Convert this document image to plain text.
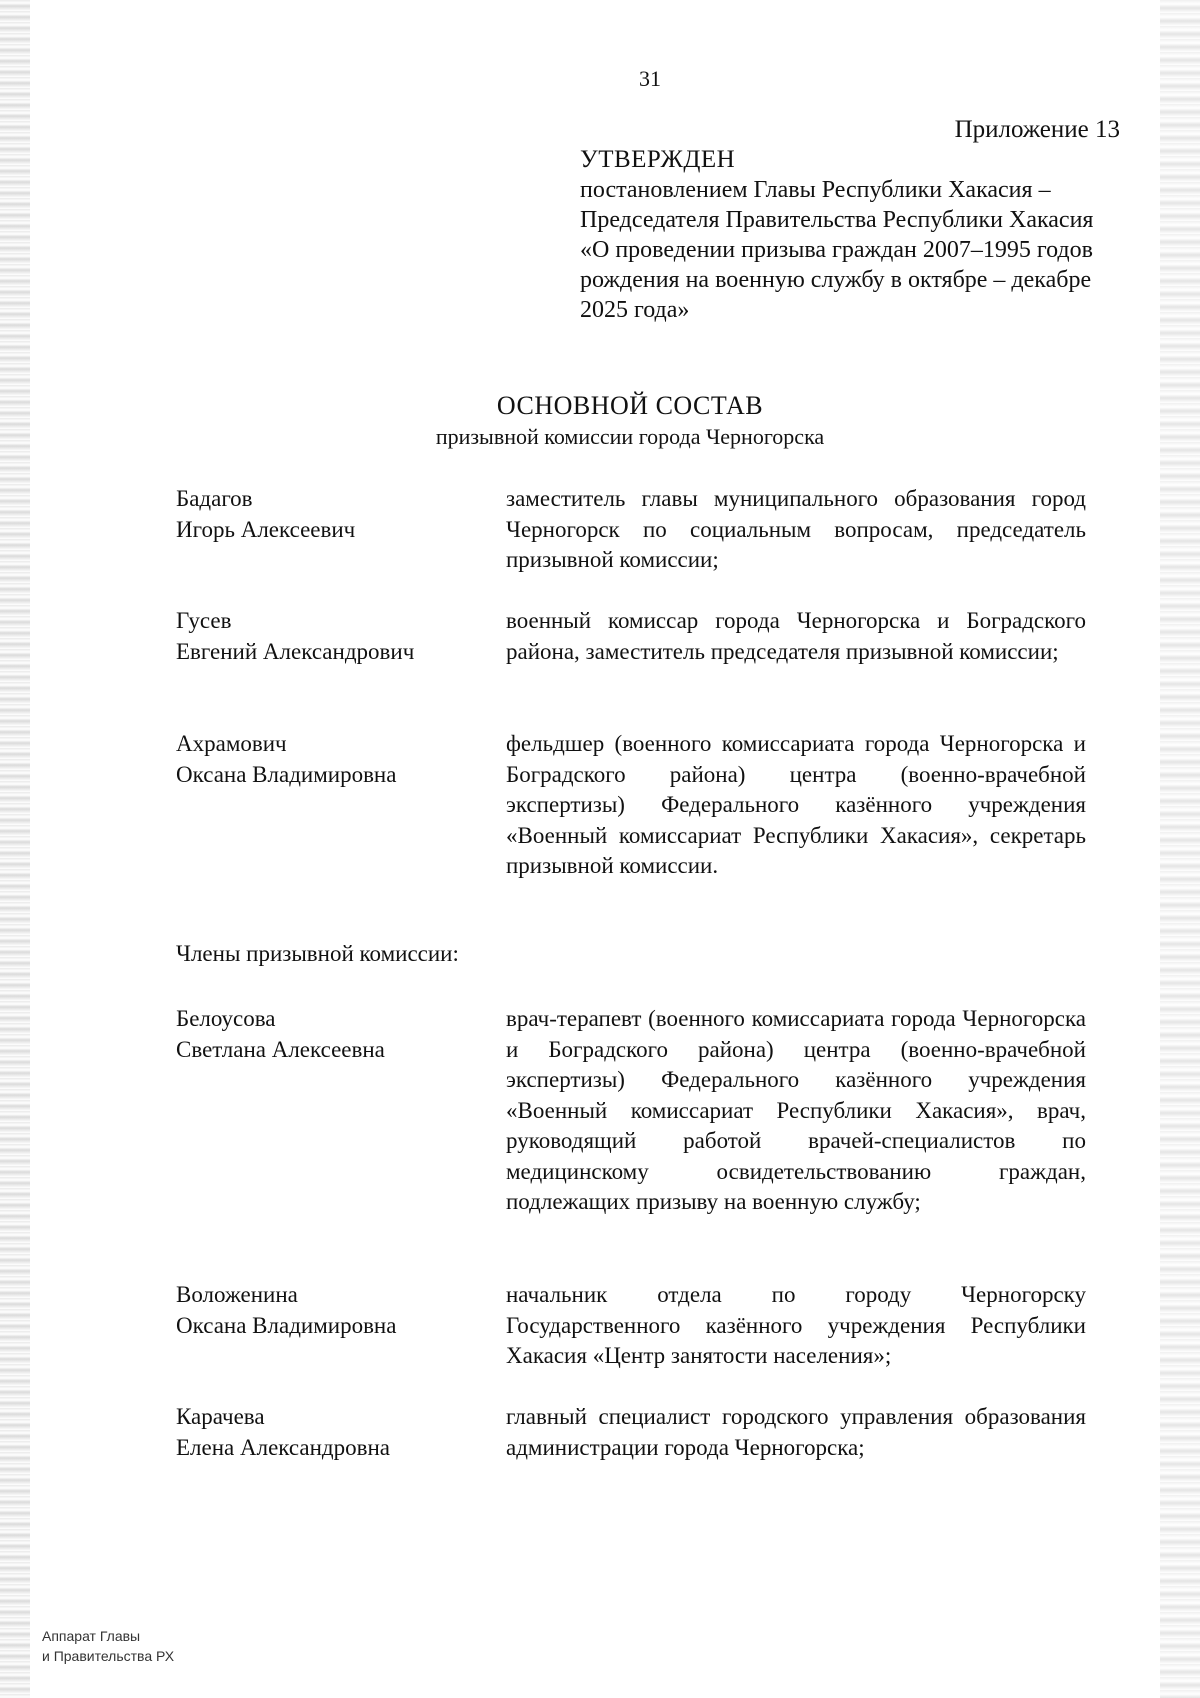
31
Приложение 13
УТВЕРЖДЕН
постановлением Главы Республики Хакасия – Председателя Правительства Республики Хакасия «О проведении призыва граждан 2007–1995 годов рождения на военную службу в октябре – декабре 2025 года»
ОСНОВНОЙ СОСТАВ
призывной комиссии города Черногорска
Бадагов
Игорь Алексеевич
заместитель главы муниципального образования город Черногорск по социальным вопросам, председатель призывной комиссии;
Гусев
Евгений Александрович
военный комиссар города Черногорска и Боградского района, заместитель председателя призывной комиссии;
Ахрамович
Оксана Владимировна
фельдшер (военного комиссариата города Черногорска и Боградского района) центра (военно-врачебной экспертизы) Федерального казённого учреждения «Военный комиссариат Республики Хакасия», секретарь призывной комиссии.
Члены призывной комиссии:
Белоусова
Светлана Алексеевна
врач-терапевт (военного комиссариата города Черногорска и Боградского района) центра (военно-врачебной экспертизы) Федерального казённого учреждения «Военный комиссариат Республики Хакасия», врач, руководящий работой врачей-специалистов по медицинскому освидетельствованию граждан, подлежащих призыву на военную службу;
Воложенина
Оксана Владимировна
начальник отдела по городу Черногорску Государственного казённого учреждения Республики Хакасия «Центр занятости населения»;
Карачева
Елена Александровна
главный специалист городского управления образования администрации города Черногорска;
Аппарат Главы
и Правительства РХ
